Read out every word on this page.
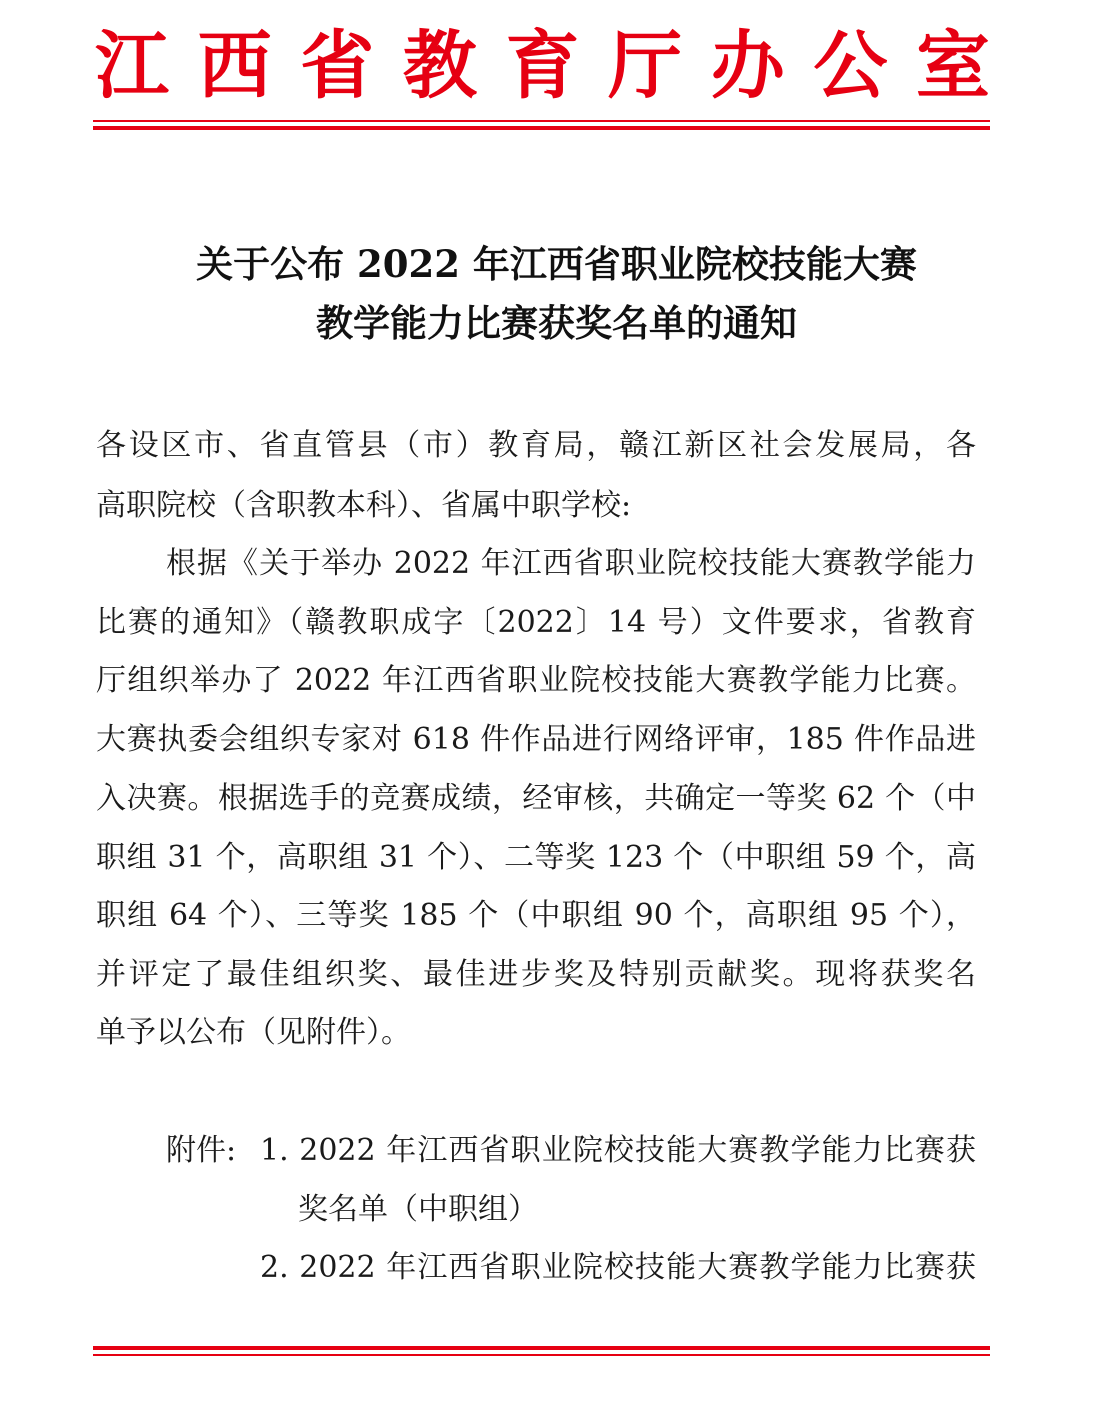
江 西 省 教 育 厅 办 公 室
关于公布 2022 年江西省职业院校技能大赛
教学能力比赛获奖名单的通知
各设区市、省直管县（市）教育局，赣江新区社会发展局，各
高职院校（含职教本科）、省属中职学校:
根据《关于举办 2022 年江西省职业院校技能大赛教学能力
比赛的通知》（赣教职成字〔2022〕14 号）文件要求，省教育
厅组织举办了 2022 年江西省职业院校技能大赛教学能力比赛。
大赛执委会组织专家对 618 件作品进行网络评审，185 件作品进
入决赛。根据选手的竞赛成绩，经审核，共确定一等奖 62 个（中
职组 31 个，高职组 31 个）、二等奖 123 个（中职组 59 个，高
职组 64 个）、三等奖 185 个（中职组 90 个，高职组 95 个），
并评定了最佳组织奖、最佳进步奖及特别贡献奖。现将获奖名
单予以公布（见附件）。
附件: 1. 2022 年江西省职业院校技能大赛教学能力比赛获
奖名单（中职组）
2. 2022 年江西省职业院校技能大赛教学能力比赛获
